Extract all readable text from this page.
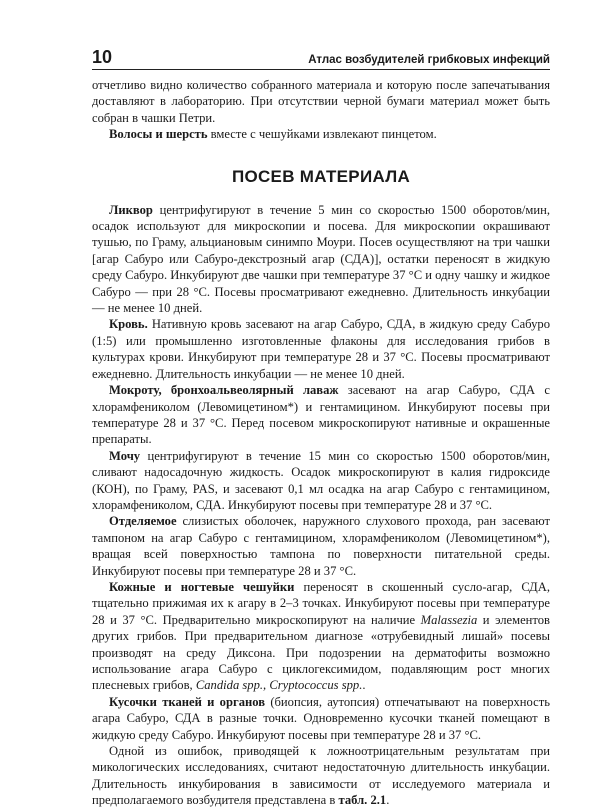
10	Атлас возбудителей грибковых инфекций

отчетливо видно количество собранного материала и которую после запечатывания доставляют в лабораторию. При отсутствии черной бумаги материал может быть собран в чашки Петри.

Волосы и шерсть вместе с чешуйками извлекают пинцетом.

ПОСЕВ МАТЕРИАЛА

Ликвор центрифугируют в течение 5 мин со скоростью 1500 оборотов/мин, осадок используют для микроскопии и посева. Для микроскопии окрашивают тушью, по Граму, альциановым синимпо Моури. Посев осуществляют на три чашки [агар Сабуро или Сабуро-декстрозный агар (СДА)], остатки переносят в жидкую среду Сабуро. Инкубируют две чашки при температуре 37 °С и одну чашку и жидкое Сабуро — при 28 °С. Посевы просматривают ежедневно. Длительность инкубации — не менее 10 дней.

Кровь. Нативную кровь засевают на агар Сабуро, СДА, в жидкую среду Сабуро (1:5) или промышленно изготовленные флаконы для исследования грибов в культурах крови. Инкубируют при температуре 28 и 37 °С. Посевы просматривают ежедневно. Длительность инкубации — не менее 10 дней.

Мокроту, бронхоальвеолярный лаваж засевают на агар Сабуро, СДА с хлорамфениколом (Левомицетином*) и гентамицином. Инкубируют посевы при температуре 28 и 37 °С. Перед посевом микроскопируют нативные и окрашенные препараты.

Мочу центрифугируют в течение 15 мин со скоростью 1500 оборотов/мин, сливают надосадочную жидкость. Осадок микроскопируют в калия гидроксиде (КОН), по Граму, PAS, и засевают 0,1 мл осадка на агар Сабуро с гентамицином, хлорамфениколом, СДА. Инкубируют посевы при температуре 28 и 37 °С.

Отделяемое слизистых оболочек, наружного слухового прохода, ран засевают тампоном на агар Сабуро с гентамицином, хлорамфениколом (Левомицетином*), вращая всей поверхностью тампона по поверхности питательной среды. Инкубируют посевы при температуре 28 и 37 °С.

Кожные и ногтевые чешуйки переносят в скошенный сусло-агар, СДА, тщательно прижимая их к агару в 2–3 точках. Инкубируют посевы при температуре 28 и 37 °С. Предварительно микроскопируют на наличие Malassezia и элементов других грибов. При предварительном диагнозе «отрубевидный лишай» посевы производят на среду Диксона. При подозрении на дерматофиты возможно использование агара Сабуро с циклогексимидом, подавляющим рост многих плесневых грибов, Candida spp., Cryptococcus spp..

Кусочки тканей и органов (биопсия, аутопсия) отпечатывают на поверхность агара Сабуро, СДА в разные точки. Одновременно кусочки тканей помещают в жидкую среду Сабуро. Инкубируют посевы при температуре 28 и 37 °С.

Одной из ошибок, приводящей к ложноотрицательным результатам при микологических исследованиях, считают недостаточную длительность инкубации. Длительность инкубирования в зависимости от исследуемого материала и предполагаемого возбудителя представлена в табл. 2.1.
